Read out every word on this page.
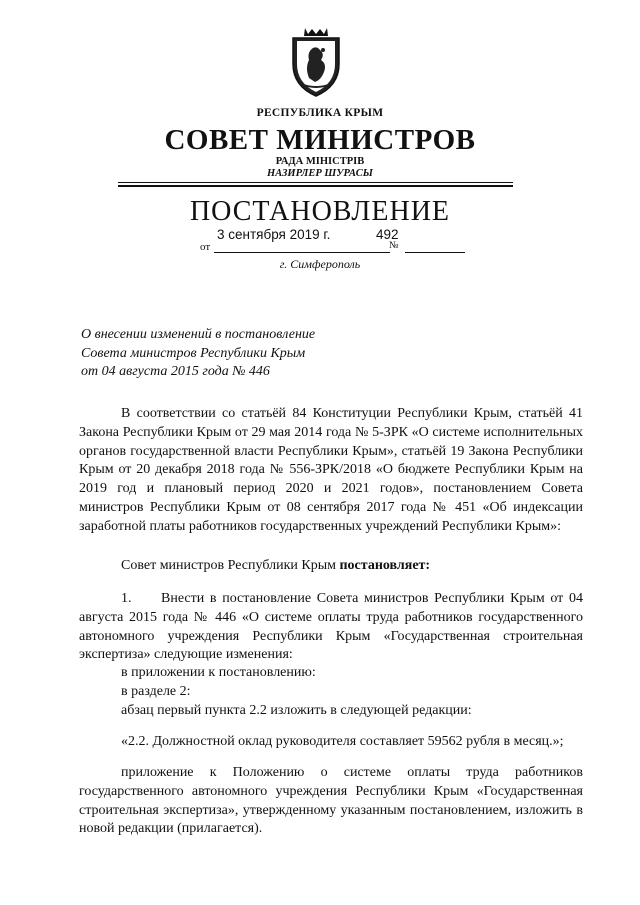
РЕСПУБЛИКА КРЫМ
СОВЕТ МИНИСТРОВ
РАДА МІНІСТРІВ
НАЗИРЛЕР ШУРАСЫ
ПОСТАНОВЛЕНИЕ
3 сентября 2019 г.	492
от	№
г. Симферополь
О внесении изменений в постановление
Совета министров Республики Крым
от 04 августа 2015 года № 446
В соответствии со статьёй 84 Конституции Республики Крым, статьёй 41 Закона Республики Крым от 29 мая 2014 года № 5-ЗРК «О системе исполнительных органов государственной власти Республики Крым», статьёй 19 Закона Республики Крым от 20 декабря 2018 года № 556-ЗРК/2018 «О бюджете Республики Крым на 2019 год и плановый период 2020 и 2021 годов», постановлением Совета министров Республики Крым от 08 сентября 2017 года № 451 «Об индексации заработной платы работников государственных учреждений Республики Крым»:
Совет министров Республики Крым постановляет:
1. Внести в постановление Совета министров Республики Крым от 04 августа 2015 года № 446 «О системе оплаты труда работников государственного автономного учреждения Республики Крым «Государственная строительная экспертиза» следующие изменения:
в приложении к постановлению:
в разделе 2:
абзац первый пункта 2.2 изложить в следующей редакции:
«2.2. Должностной оклад руководителя составляет 59562 рубля в месяц.»;
приложение к Положению о системе оплаты труда работников государственного автономного учреждения Республики Крым «Государственная строительная экспертиза», утвержденному указанным постановлением, изложить в новой редакции (прилагается).
